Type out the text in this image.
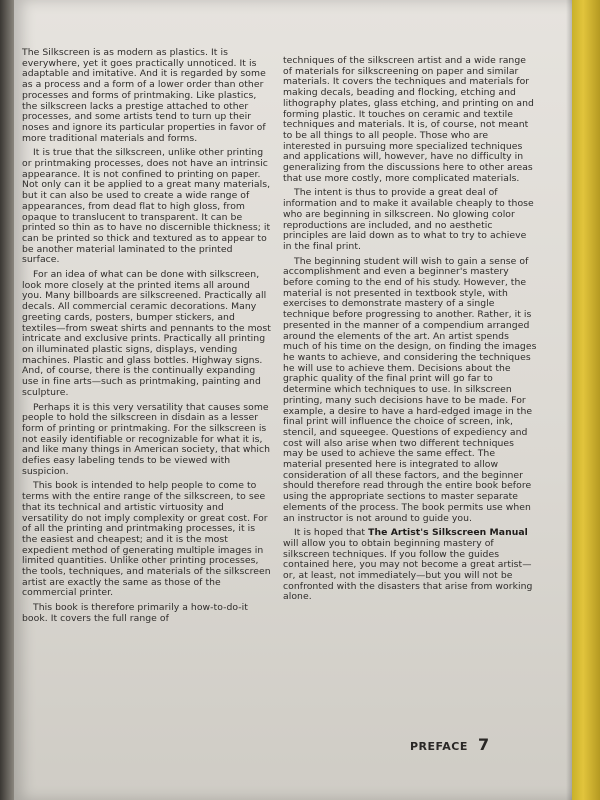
The Silkscreen is as modern as plastics. It is everywhere, yet it goes practically unnoticed. It is adaptable and imitative. And it is regarded by some as a process and a form of a lower order than other processes and forms of printmaking. Like plastics, the silkscreen lacks a prestige attached to other processes, and some artists tend to turn up their noses and ignore its particular properties in favor of more traditional materials and forms.

It is true that the silkscreen, unlike other printing or printmaking processes, does not have an intrinsic appearance. It is not confined to printing on paper. Not only can it be applied to a great many materials, but it can also be used to create a wide range of appearances, from dead flat to high gloss, from opaque to translucent to transparent. It can be printed so thin as to have no discernible thickness; it can be printed so thick and textured as to appear to be another material laminated to the printed surface.

For an idea of what can be done with silkscreen, look more closely at the printed items all around you. Many billboards are silkscreened. Practically all decals. All commercial ceramic decorations. Many greeting cards, posters, bumper stickers, and textiles—from sweat shirts and pennants to the most intricate and exclusive prints. Practically all printing on illuminated plastic signs, displays, vending machines. Plastic and glass bottles. Highway signs. And, of course, there is the continually expanding use in fine arts—such as printmaking, painting and sculpture.

Perhaps it is this very versatility that causes some people to hold the silkscreen in disdain as a lesser form of printing or printmaking. For the silkscreen is not easily identifiable or recognizable for what it is, and like many things in American society, that which defies easy labeling tends to be viewed with suspicion.

This book is intended to help people to come to terms with the entire range of the silkscreen, to see that its technical and artistic virtuosity and versatility do not imply complexity or great cost. For of all the printing and printmaking processes, it is the easiest and cheapest; and it is the most expedient method of generating multiple images in limited quantities. Unlike other printing processes, the tools, techniques, and materials of the silkscreen artist are exactly the same as those of the commercial printer.

This book is therefore primarily a how-to-do-it book. It covers the full range of

techniques of the silkscreen artist and a wide range of materials for silkscreening on paper and similar materials. It covers the techniques and materials for making decals, beading and flocking, etching and lithography plates, glass etching, and printing on and forming plastic. It touches on ceramic and textile techniques and materials. It is, of course, not meant to be all things to all people. Those who are interested in pursuing more specialized techniques and applications will, however, have no difficulty in generalizing from the discussions here to other areas that use more costly, more complicated materials.

The intent is thus to provide a great deal of information and to make it available cheaply to those who are beginning in silkscreen. No glowing color reproductions are included, and no aesthetic principles are laid down as to what to try to achieve in the final print.

The beginning student will wish to gain a sense of accomplishment and even a beginner's mastery before coming to the end of his study. However, the material is not presented in textbook style, with exercises to demonstrate mastery of a single technique before progressing to another. Rather, it is presented in the manner of a compendium arranged around the elements of the art. An artist spends much of his time on the design, on finding the images he wants to achieve, and considering the techniques he will use to achieve them. Decisions about the graphic quality of the final print will go far to determine which techniques to use. In silkscreen printing, many such decisions have to be made. For example, a desire to have a hard-edged image in the final print will influence the choice of screen, ink, stencil, and squeegee. Questions of expediency and cost will also arise when two different techniques may be used to achieve the same effect. The material presented here is integrated to allow consideration of all these factors, and the beginner should therefore read through the entire book before using the appropriate sections to master separate elements of the process. The book permits use when an instructor is not around to guide you.

It is hoped that The Artist's Silkscreen Manual will allow you to obtain beginning mastery of silkscreen techniques. If you follow the guides contained here, you may not become a great artist—or, at least, not immediately—but you will not be confronted with the disasters that arise from working alone.

PREFACE 7
